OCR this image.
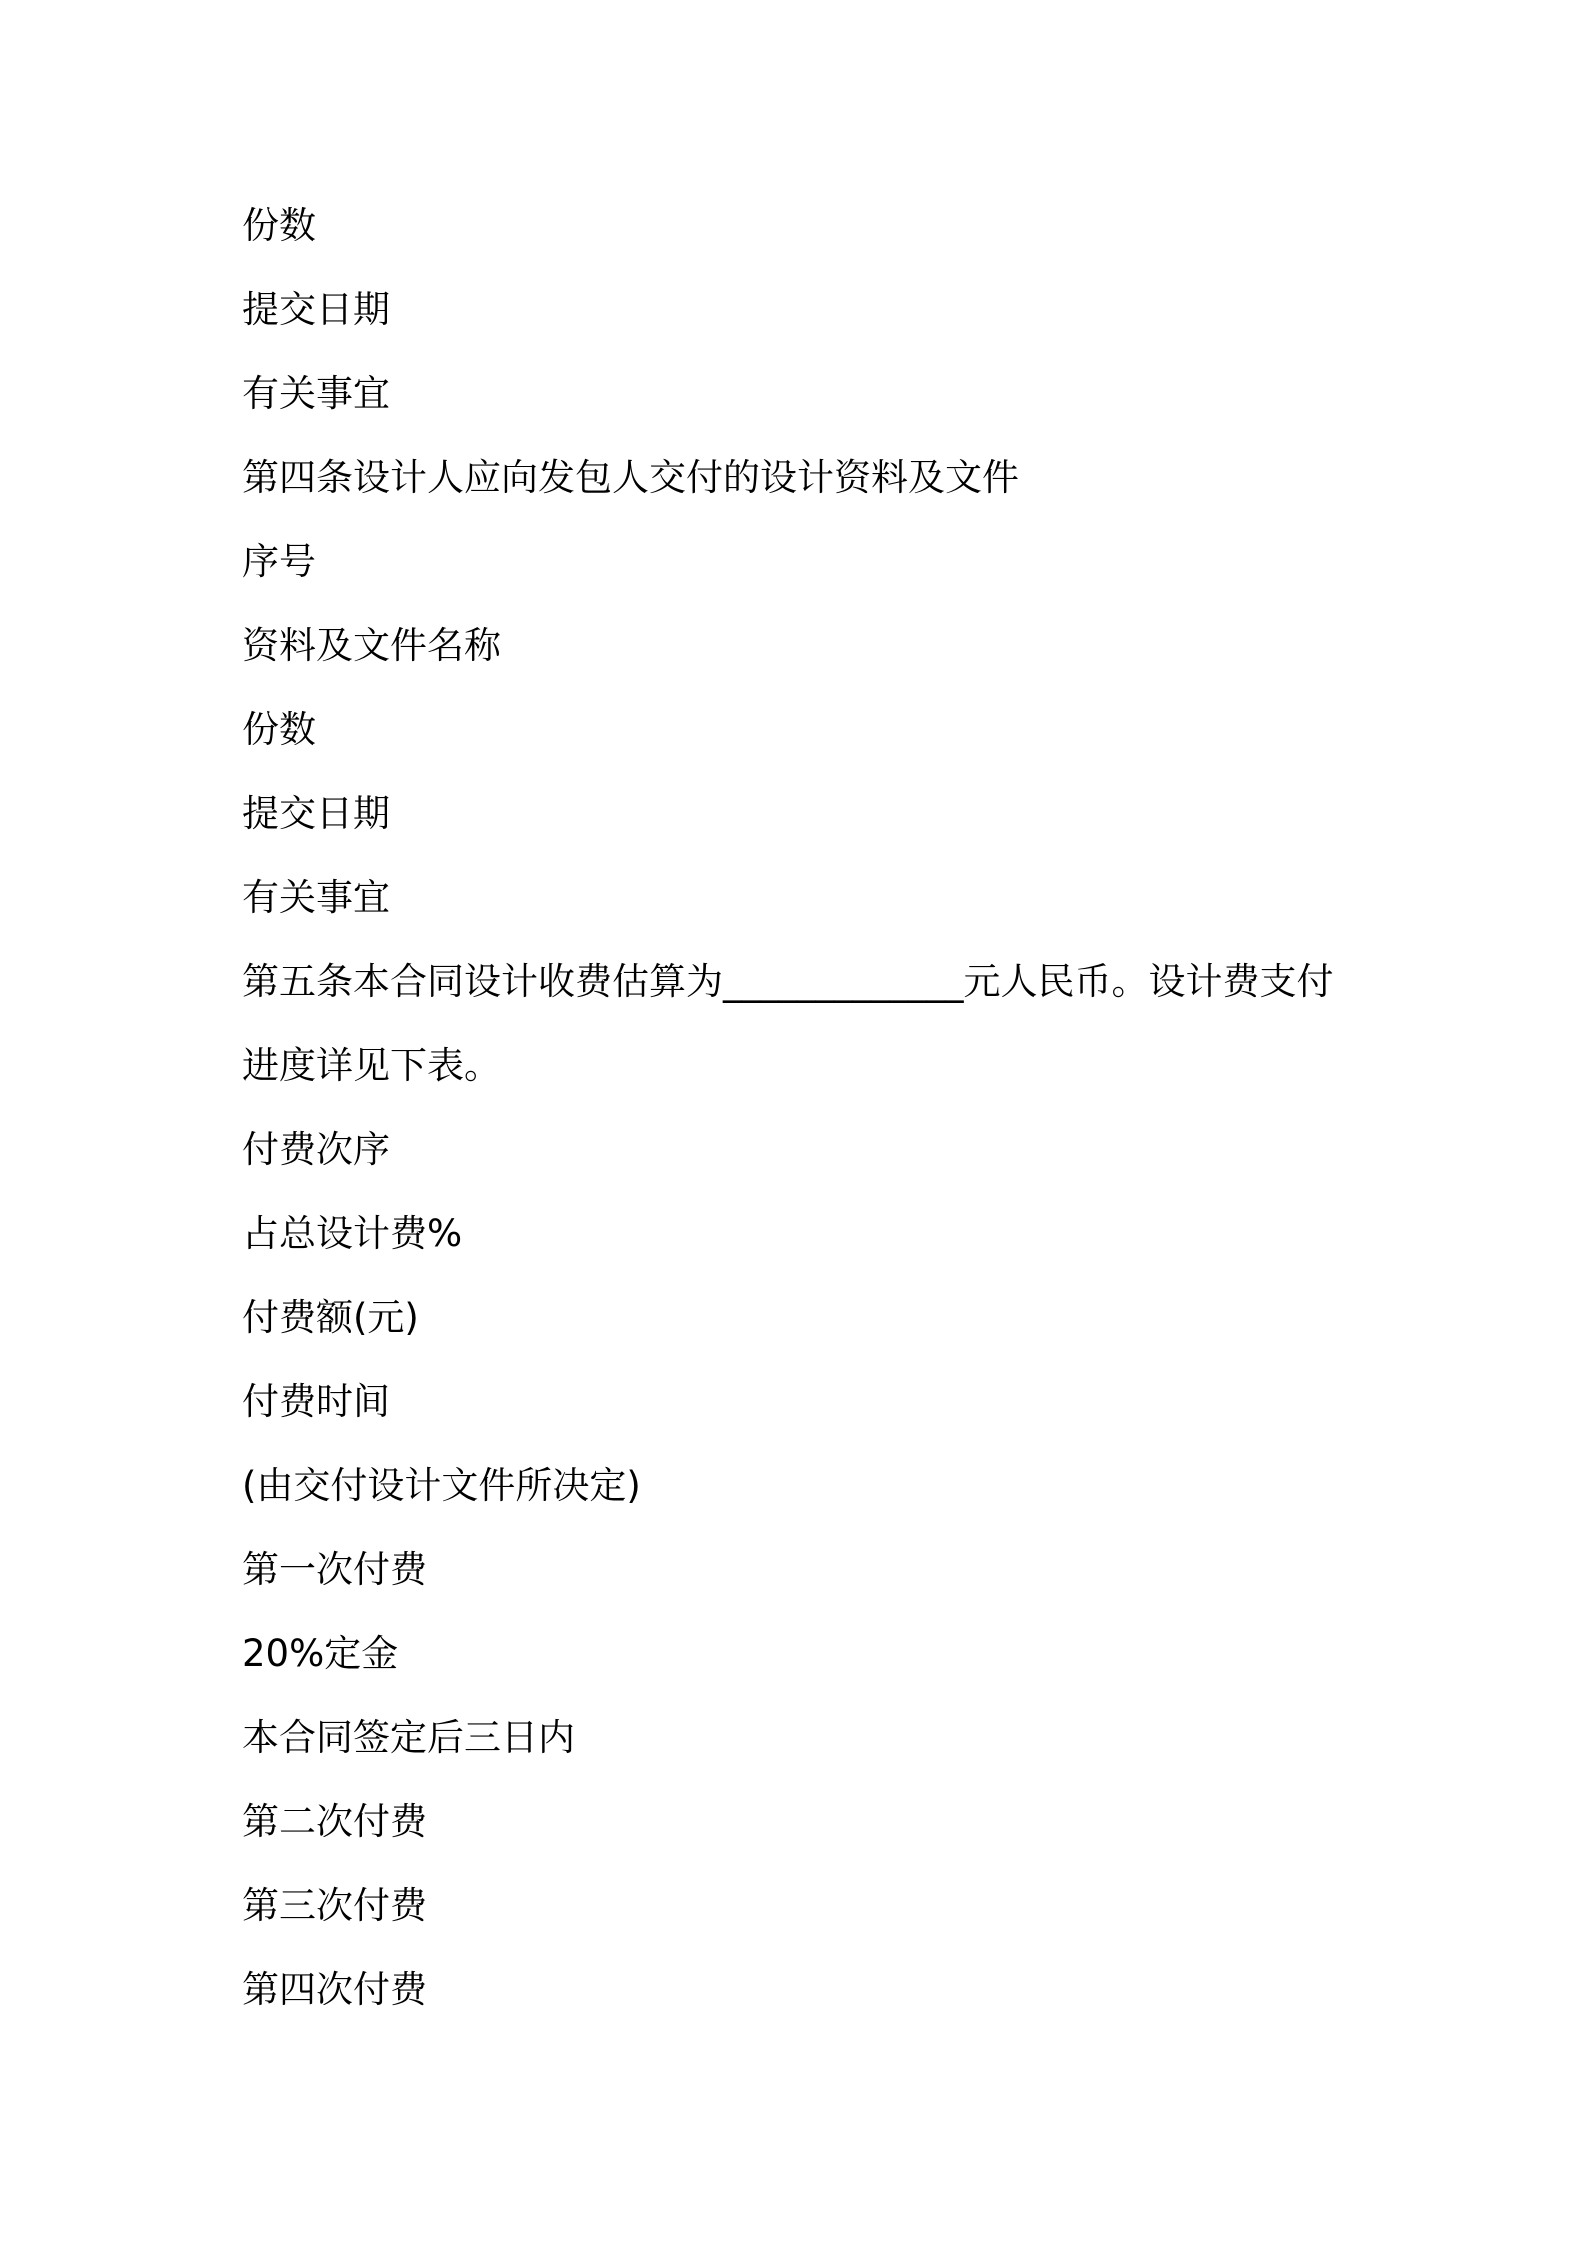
份数

提交日期

有关事宜

第四条设计人应向发包人交付的设计资料及文件

序号

资料及文件名称

份数

提交日期

有关事宜

第五条本合同设计收费估算为_____________元人民币。设计费支付

进度详见下表。

付费次序

占总设计费%

付费额(元)

付费时间

(由交付设计文件所决定)

第一次付费

20%定金

本合同签定后三日内

第二次付费

第三次付费

第四次付费
